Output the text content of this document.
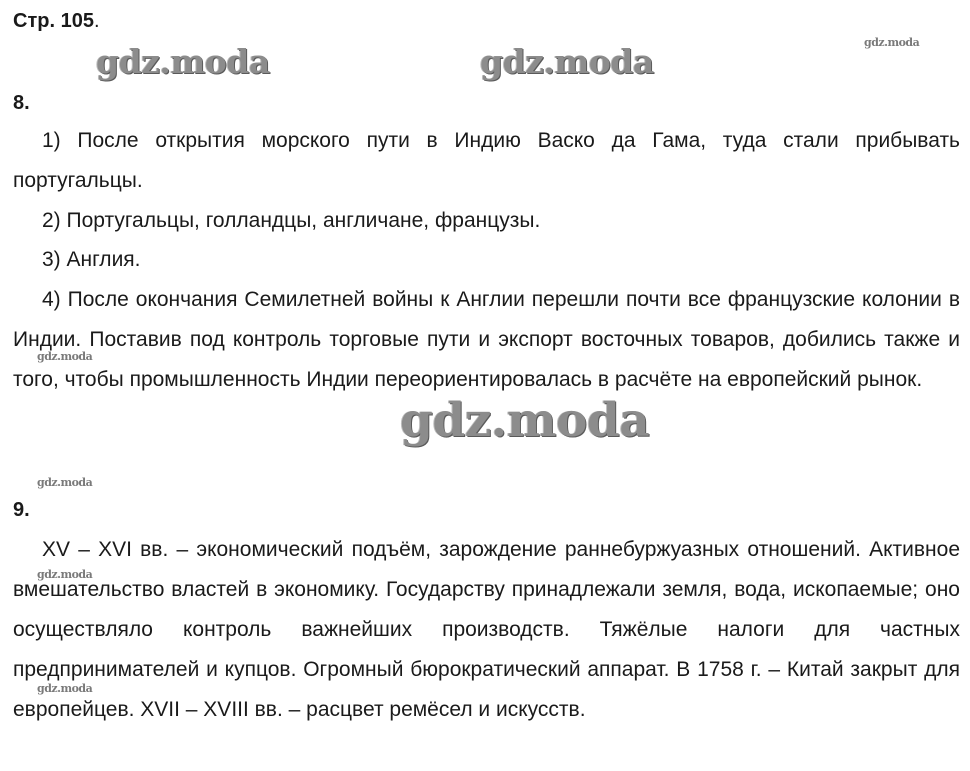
Стр. 105.
gdz.moda	gdz.moda	gdz.moda
gdz.moda
gdz.moda
gdz.moda
gdz.moda
gdz.moda
8.
1) После открытия морского пути в Индию Васко да Гама, туда стали прибывать португальцы.
2) Португальцы, голландцы, англичане, французы.
3) Англия.
4) После окончания Семилетней войны к Англии перешли почти все французские колонии в Индии. Поставив под контроль торговые пути и экспорт восточных товаров, добились также и того, чтобы промышленность Индии переориентировалась в расчёте на европейский рынок.
9.
XV – XVI вв. – экономический подъём, зарождение раннебуржуазных отношений. Активное вмешательство властей в экономику. Государству принадлежали земля, вода, ископаемые; оно осуществляло контроль важнейших производств. Тяжёлые налоги для частных предпринимателей и купцов. Огромный бюрократический аппарат. В 1758 г. – Китай закрыт для европейцев. XVII – XVIII вв. – расцвет ремёсел и искусств.
